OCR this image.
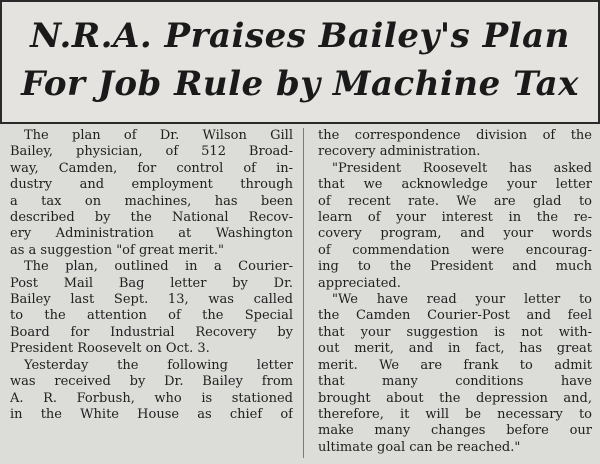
N.R.A. Praises Bailey's Plan
For Job Rule by Machine Tax
The plan of Dr. Wilson Gill
Bailey, physician, of 512 Broad-
way, Camden, for control of in-
dustry and employment through
a tax on machines, has been
described by the National Recov-
ery Administration at Washington
as a suggestion "of great merit."
The plan, outlined in a Courier-
Post Mail Bag letter by Dr.
Bailey last Sept. 13, was called
to the attention of the Special
Board for Industrial Recovery by
President Roosevelt on Oct. 3.
Yesterday the following letter
was received by Dr. Bailey from
A. R. Forbush, who is stationed
in the White House as chief of
the correspondence division of the
recovery administration.
"President Roosevelt has asked
that we acknowledge your letter
of recent rate. We are glad to
learn of your interest in the re-
covery program, and your words
of commendation were encourag-
ing to the President and much
appreciated.
"We have read your letter to
the Camden Courier-Post and feel
that your suggestion is not with-
out merit, and in fact, has great
merit. We are frank to admit
that many conditions have
brought about the depression and,
therefore, it will be necessary to
make many changes before our
ultimate goal can be reached."
